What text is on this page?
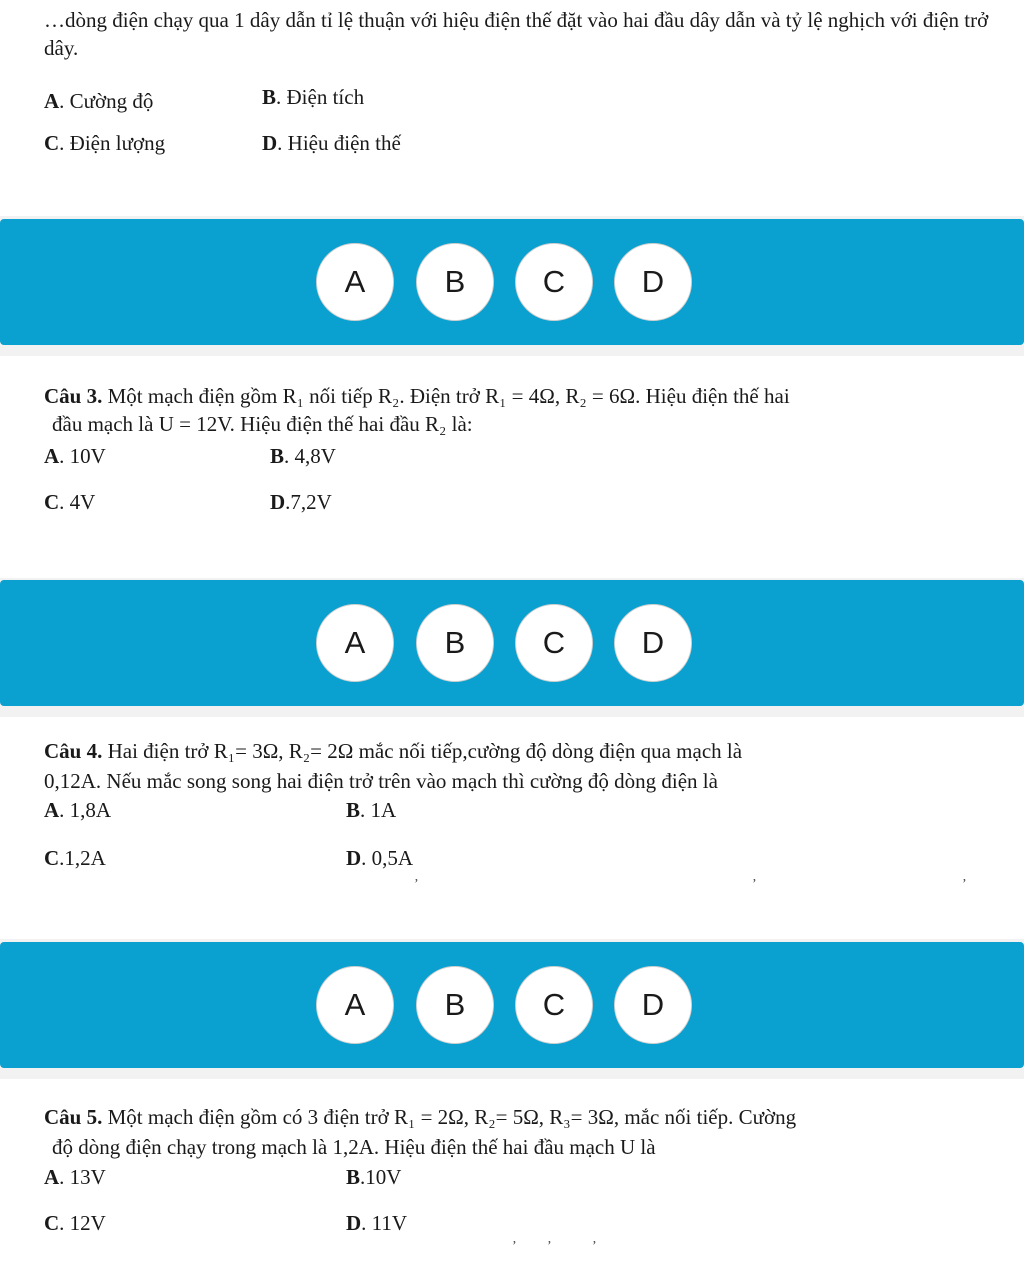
…dòng điện chạy qua 1 dây dẫn tỉ lệ thuận với hiệu điện thế đặt vào hai đầu dây dẫn và tỷ lệ nghịch với điện trở dây.
A. Cường độ	B. Điện tích
C. Điện lượng	D. Hiệu điện thế
A	B	C	D
Câu 3. Một mạch điện gồm R₁ nối tiếp R₂. Điện trở R₁ = 4Ω, R₂ = 6Ω. Hiệu điện thế hai
đầu mạch là U = 12V. Hiệu điện thế hai đầu R₂ là:
A. 10V	B. 4,8V
C. 4V	D.7,2V
A	B	C	D
Câu 4. Hai điện trở R₁= 3Ω, R₂= 2Ω mắc nối tiếp,cường độ dòng điện qua mạch là
0,12A. Nếu mắc song song hai điện trở trên vào mạch thì cường độ dòng điện là
A. 1,8A	B. 1A
C.1,2A	D. 0,5A
ʼ	ʼ	ʼ
A	B	C	D
Câu 5. Một mạch điện gồm có 3 điện trở R₁ = 2Ω, R₂= 5Ω, R₃= 3Ω, mắc nối tiếp. Cường
độ dòng điện chạy trong mạch là 1,2A. Hiệu điện thế hai đầu mạch U là
A. 13V	B.10V
C. 12V	D. 11V
ʼ ʼ	ʼ
